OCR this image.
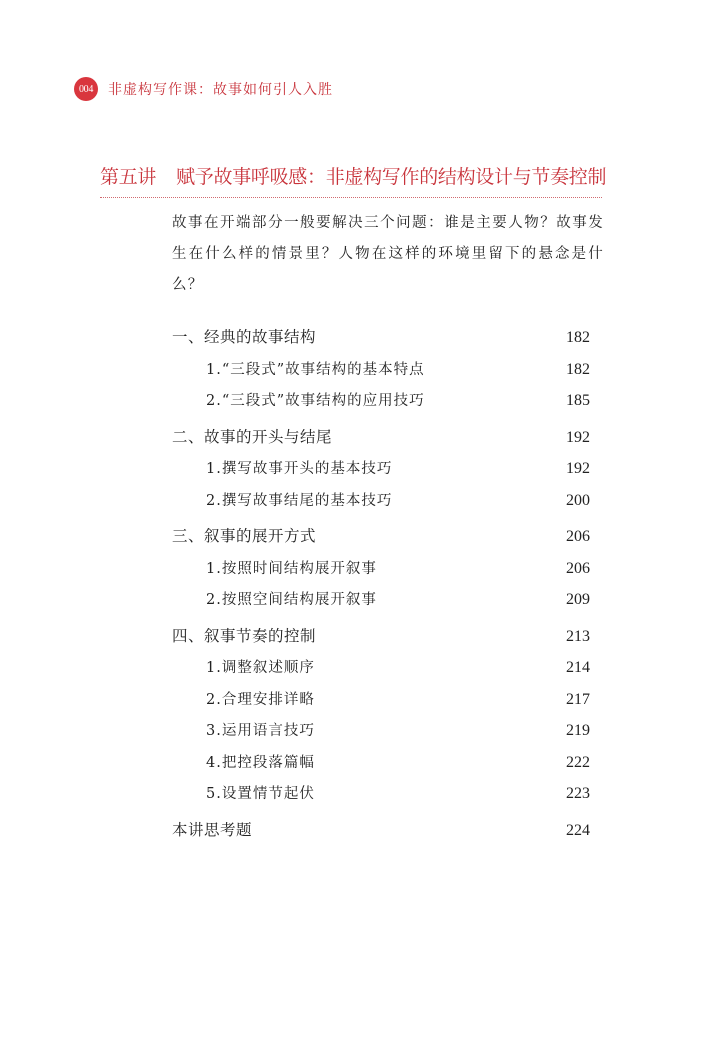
004	非虚构写作课：故事如何引人入胜
第五讲 赋予故事呼吸感：非虚构写作的结构设计与节奏控制

故事在开端部分一般要解决三个问题：谁是主要人物？故事发生在什么样的情景里？人物在这样的环境里留下的悬念是什么？

一、经典的故事结构	182
1.“三段式”故事结构的基本特点	182
2.“三段式”故事结构的应用技巧	185
二、故事的开头与结尾	192
1.撰写故事开头的基本技巧	192
2.撰写故事结尾的基本技巧	200
三、叙事的展开方式	206
1.按照时间结构展开叙事	206
2.按照空间结构展开叙事	209
四、叙事节奏的控制	213
1.调整叙述顺序	214
2.合理安排详略	217
3.运用语言技巧	219
4.把控段落篇幅	222
5.设置情节起伏	223
本讲思考题	224
